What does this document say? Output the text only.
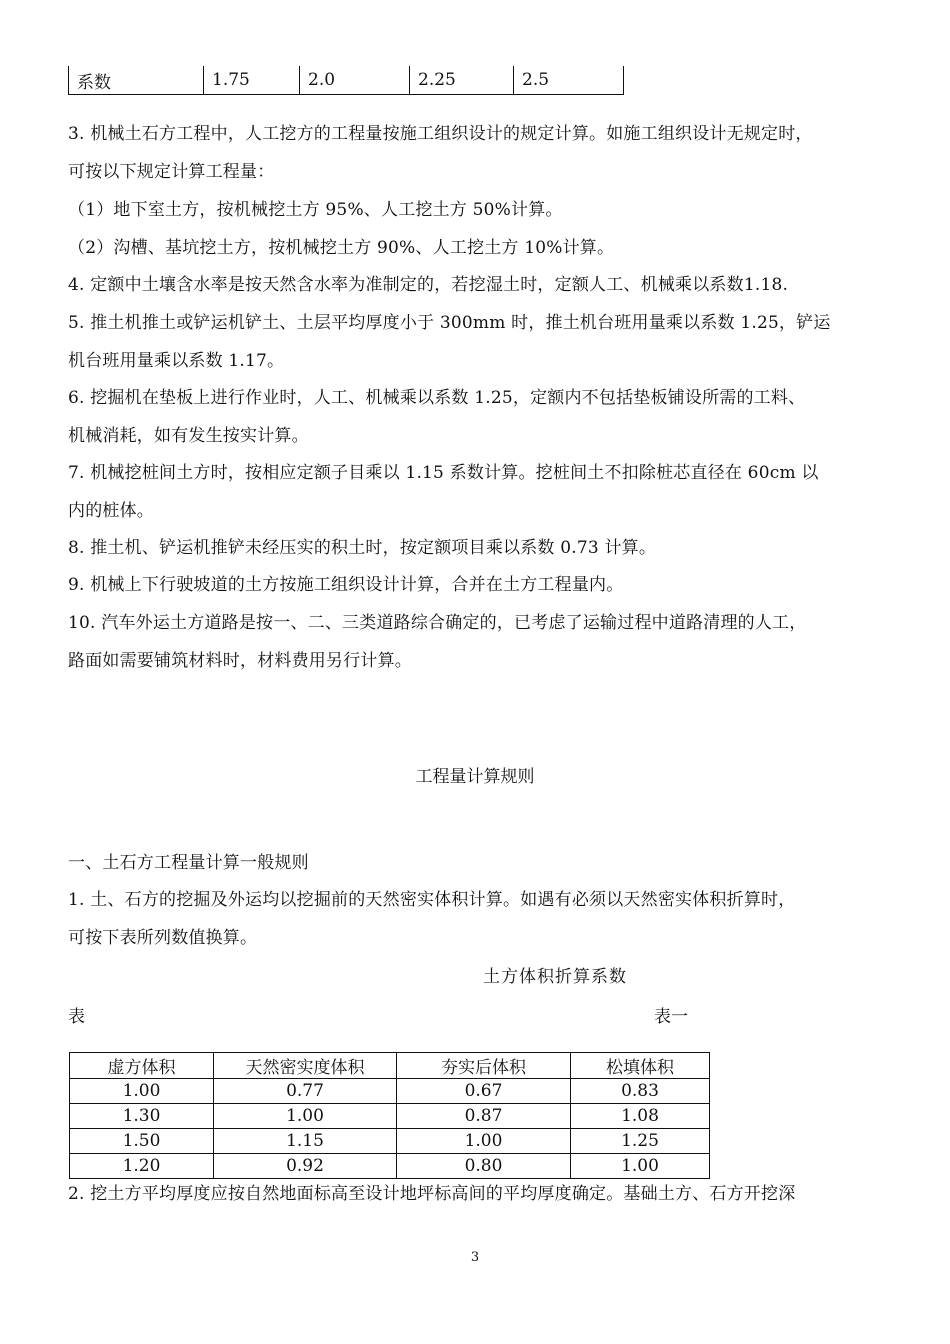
系数	1.75	2.0	2.25	2.5
3. 机械土石方工程中，人工挖方的工程量按施工组织设计的规定计算。如施工组织设计无规定时，
可按以下规定计算工程量：
（1）地下室土方，按机械挖土方 95%、人工挖土方 50%计算。
（2）沟槽、基坑挖土方，按机械挖土方 90%、人工挖土方 10%计算。
4. 定额中土壤含水率是按天然含水率为准制定的，若挖湿土时，定额人工、机械乘以系数1.18.
5. 推土机推土或铲运机铲土、土层平均厚度小于 300mm 时，推土机台班用量乘以系数 1.25，铲运
机台班用量乘以系数 1.17。
6. 挖掘机在垫板上进行作业时，人工、机械乘以系数 1.25，定额内不包括垫板铺设所需的工料、
机械消耗，如有发生按实计算。
7. 机械挖桩间土方时，按相应定额子目乘以 1.15 系数计算。挖桩间土不扣除桩芯直径在 60cm 以
内的桩体。
8. 推土机、铲运机推铲未经压实的积土时，按定额项目乘以系数 0.73 计算。
9. 机械上下行驶坡道的土方按施工组织设计计算，合并在土方工程量内。
10. 汽车外运土方道路是按一、二、三类道路综合确定的，已考虑了运输过程中道路清理的人工，
路面如需要铺筑材料时，材料费用另行计算。
工程量计算规则
一、土石方工程量计算一般规则
1. 土、石方的挖掘及外运均以挖掘前的天然密实体积计算。如遇有必须以天然密实体积折算时，
可按下表所列数值换算。
土方体积折算系数
表	表一
虚方体积	天然密实度体积	夯实后体积	松填体积
1.00	0.77	0.67	0.83
1.30	1.00	0.87	1.08
1.50	1.15	1.00	1.25
1.20	0.92	0.80	1.00
2. 挖土方平均厚度应按自然地面标高至设计地坪标高间的平均厚度确定。基础土方、石方开挖深
3
